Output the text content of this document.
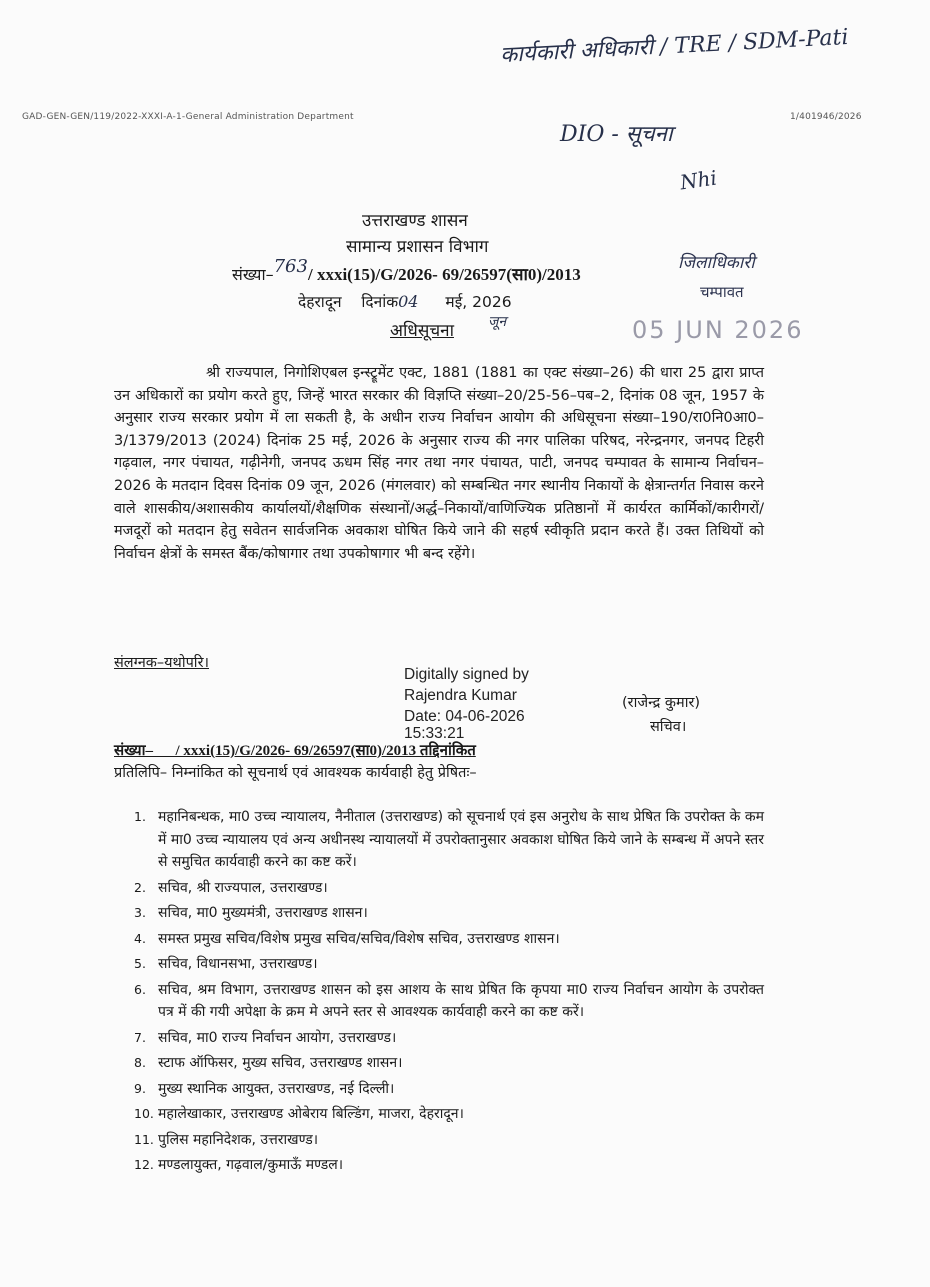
कार्यकारी अधिकारी / TRE / SDM-Pati
DIO - सूचना
Nhi
GAD-GEN-GEN/119/2022-XXXI-A-1-General Administration Department	1/401946/2026
उत्तराखण्ड शासन
सामान्य प्रशासन विभाग
संख्या–763/ xxxi(15)/G/2026- 69/26597(सा0)/2013
देहरादून    दिनांक04 मई, 2026
जून
अधिसूचना
जिलाधिकारी
चम्पावत
05 JUN 2026
श्री राज्यपाल, निगोशिएबल इन्स्ट्रूमेंट एक्ट, 1881 (1881 का एक्ट संख्या–26) की धारा 25 द्वारा प्राप्त उन अधिकारों का प्रयोग करते हुए, जिन्हें भारत सरकार की विज्ञप्ति संख्या–20/25-56–पब–2, दिनांक 08 जून, 1957 के अनुसार राज्य सरकार प्रयोग में ला सकती है, के अधीन राज्य निर्वाचन आयोग की अधिसूचना संख्या–190/रा0नि0आ0–3/1379/2013 (2024) दिनांक 25 मई, 2026 के अनुसार राज्य की नगर पालिका परिषद, नरेन्द्रनगर, जनपद टिहरी गढ़वाल, नगर पंचायत, गढ़ीनेगी, जनपद ऊधम सिंह नगर तथा नगर पंचायत, पाटी, जनपद चम्पावत के सामान्य निर्वाचन–2026 के मतदान दिवस दिनांक 09 जून, 2026 (मंगलवार) को सम्बन्धित नगर स्थानीय निकायों के क्षेत्रान्तर्गत निवास करने वाले शासकीय/अशासकीय कार्यालयों/शैक्षणिक संस्थानों/अर्द्ध–निकायों/वाणिज्यिक प्रतिष्ठानों में कार्यरत कार्मिकों/कारीगरों/मजदूरों को मतदान हेतु सवेतन सार्वजनिक अवकाश घोषित किये जाने की सहर्ष स्वीकृति प्रदान करते हैं। उक्त तिथियों को निर्वाचन क्षेत्रों के समस्त बैंक/कोषागार तथा उपकोषागार भी बन्द रहेंगे।
संलग्नक–यथोपरि।
Digitally signed by
Rajendra Kumar
Date: 04-06-2026
15:33:21
(राजेन्द्र कुमार)
सचिव।
संख्या–      / xxxi(15)/G/2026- 69/26597(सा0)/2013 तद्दिनांकित
प्रतिलिपि– निम्नांकित को सूचनार्थ एवं आवश्यक कार्यवाही हेतु प्रेषितः–
1. महानिबन्धक, मा0 उच्च न्यायालय, नैनीताल (उत्तराखण्ड) को सूचनार्थ एवं इस अनुरोध के साथ प्रेषित कि उपरोक्त के कम में मा0 उच्च न्यायालय एवं अन्य अधीनस्थ न्यायालयों में उपरोक्तानुसार अवकाश घोषित किये जाने के सम्बन्ध में अपने स्तर से समुचित कार्यवाही करने का कष्ट करें।
2. सचिव, श्री राज्यपाल, उत्तराखण्ड।
3. सचिव, मा0 मुख्यमंत्री, उत्तराखण्ड शासन।
4. समस्त प्रमुख सचिव/विशेष प्रमुख सचिव/सचिव/विशेष सचिव, उत्तराखण्ड शासन।
5. सचिव, विधानसभा, उत्तराखण्ड।
6. सचिव, श्रम विभाग, उत्तराखण्ड शासन को इस आशय के साथ प्रेषित कि कृपया मा0 राज्य निर्वाचन आयोग के उपरोक्त पत्र में की गयी अपेक्षा के क्रम मे अपने स्तर से आवश्यक कार्यवाही करने का कष्ट करें।
7. सचिव, मा0 राज्य निर्वाचन आयोग, उत्तराखण्ड।
8. स्टाफ ऑफिसर, मुख्य सचिव, उत्तराखण्ड शासन।
9. मुख्य स्थानिक आयुक्त, उत्तराखण्ड, नई दिल्ली।
10. महालेखाकार, उत्तराखण्ड ओबेराय बिल्डिंग, माजरा, देहरादून।
11. पुलिस महानिदेशक, उत्तराखण्ड।
12. मण्डलायुक्त, गढ़वाल/कुमाऊँ मण्डल।
